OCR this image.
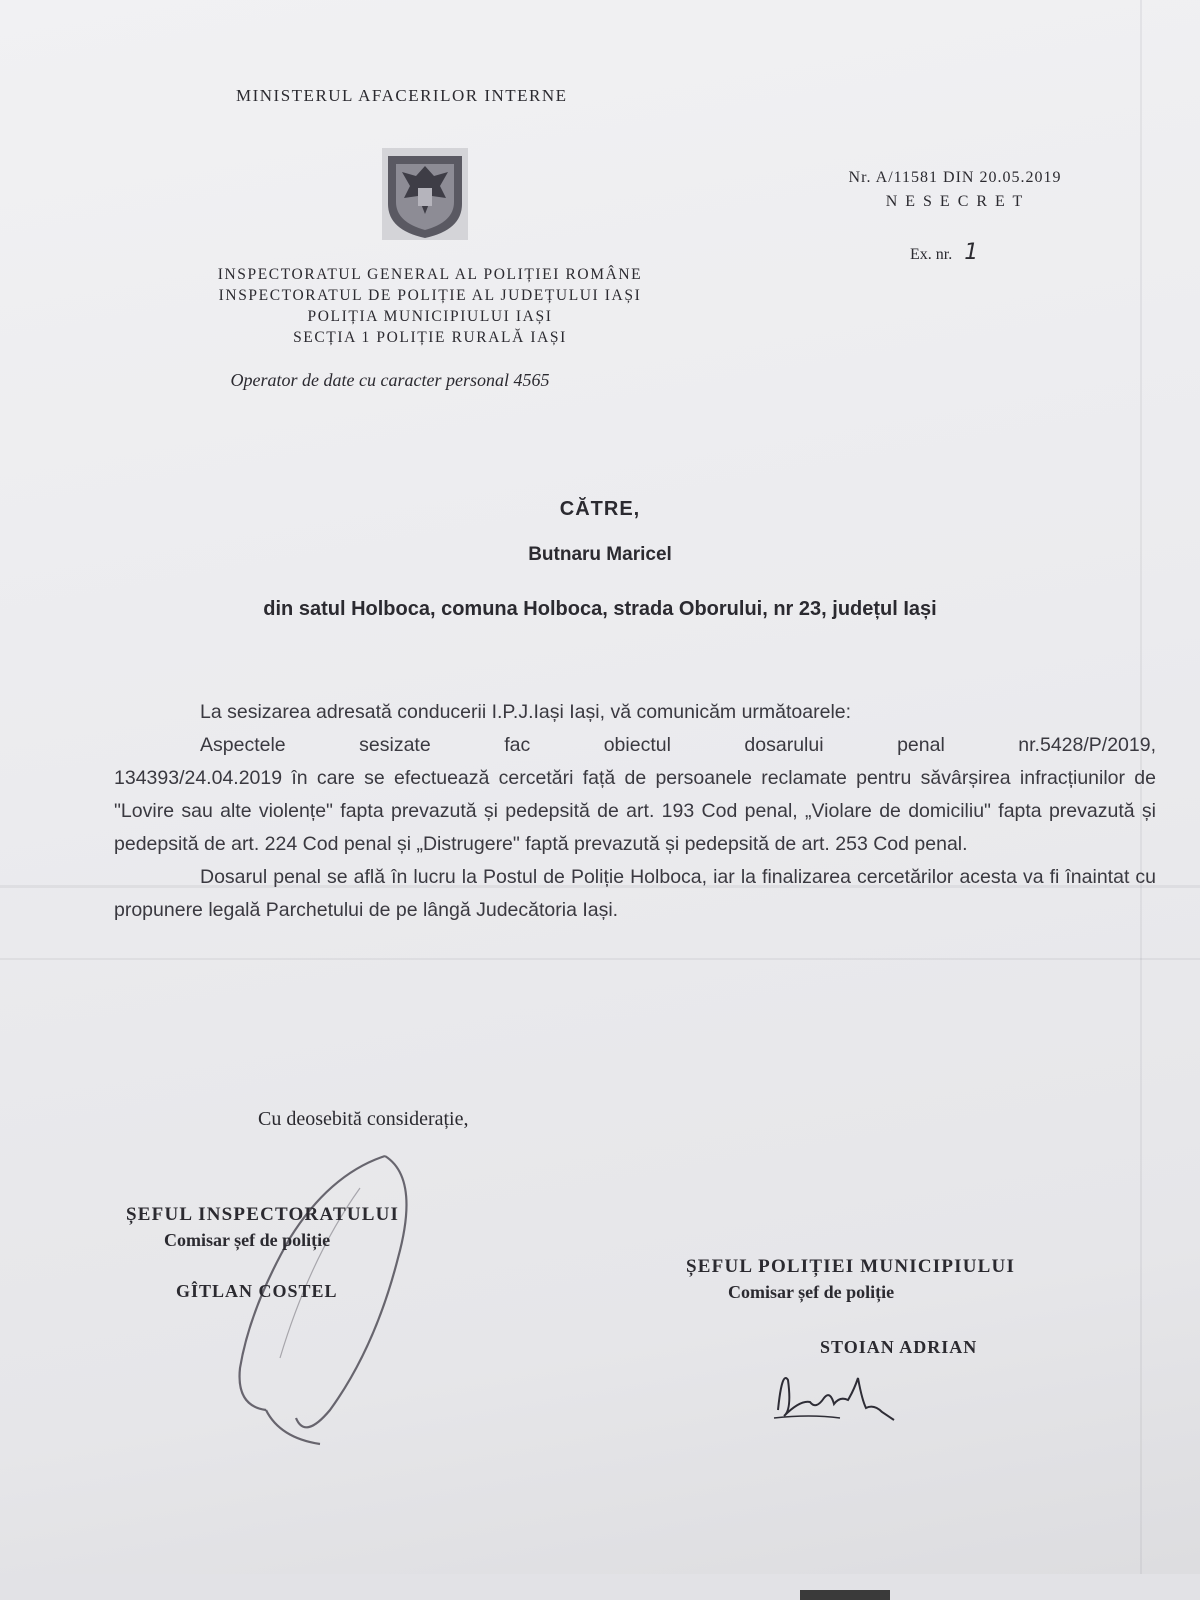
MINISTERUL AFACERILOR INTERNE
Nr. A/11581 DIN 20.05.2019
N E S E C R E T
Ex. nr. 1
INSPECTORATUL GENERAL AL POLIȚIEI ROMÂNE
INSPECTORATUL DE POLIȚIE AL JUDEȚULUI IAȘI
POLIȚIA MUNICIPIULUI IAȘI
SECȚIA 1 POLIȚIE RURALĂ IAȘI
Operator de date cu caracter personal 4565
CĂTRE,
Butnaru Maricel
din satul Holboca, comuna Holboca, strada Oborului, nr 23, județul Iași

La sesizarea adresată conducerii I.P.J.Iași Iași, vă comunicăm următoarele:

Aspectele sesizate fac obiectul dosarului penal nr.5428/P/2019,

134393/24.04.2019 în care se efectuează cercetări față de persoanele reclamate pentru săvârșirea infracțiunilor de "Lovire sau alte violențe" fapta prevazută și pedepsită de art. 193 Cod penal, „Violare de domiciliu" fapta prevazută și pedepsită de art. 224 Cod penal și „Distrugere" faptă prevazută și pedepsită de art. 253 Cod penal.

Dosarul penal se află în lucru la Postul de Poliție Holboca, iar la finalizarea cercetărilor acesta va fi înaintat cu propunere legală Parchetului de pe lângă Judecătoria Iași.

Cu deosebită considerație,
ȘEFUL INSPECTORATULUI
Comisar șef de poliție
GÎTLAN COSTEL
ȘEFUL POLIȚIEI MUNICIPIULUI
Comisar șef de poliție
STOIAN ADRIAN
